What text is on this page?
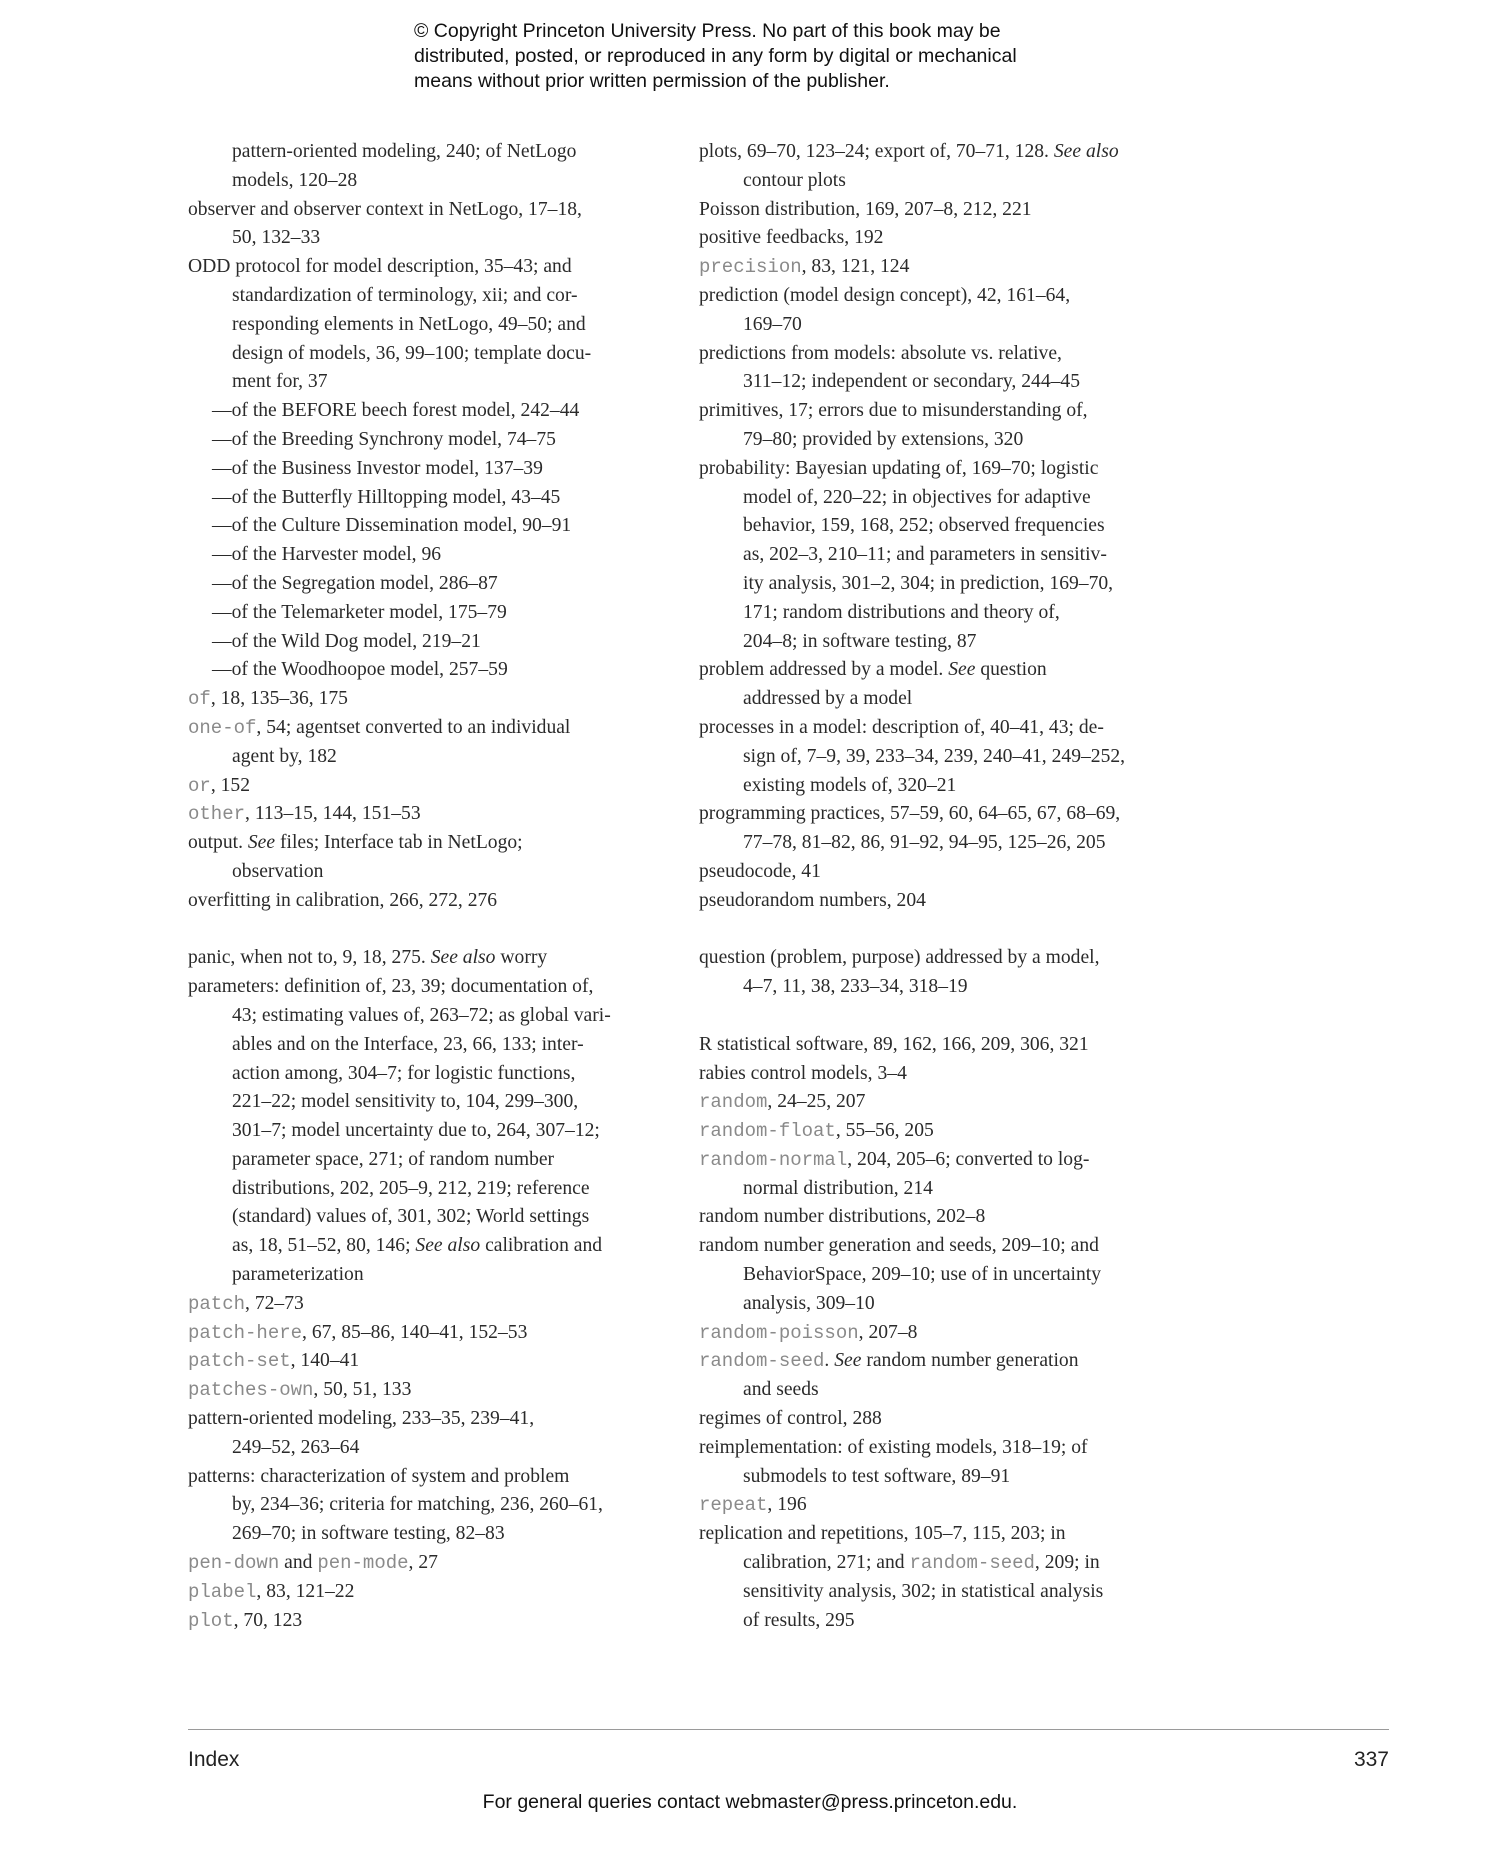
© Copyright Princeton University Press. No part of this book may be
distributed, posted, or reproduced in any form by digital or mechanical
means without prior written permission of the publisher.
pattern-oriented modeling, 240; of NetLogo
models, 120–28
observer and observer context in NetLogo, 17–18,
50, 132–33
ODD protocol for model description, 35–43; and
standardization of terminology, xii; and cor-
responding elements in NetLogo, 49–50; and
design of models, 36, 99–100; template docu-
ment for, 37
—of the BEFORE beech forest model, 242–44
—of the Breeding Synchrony model, 74–75
—of the Business Investor model, 137–39
—of the Butterfly Hilltopping model, 43–45
—of the Culture Dissemination model, 90–91
—of the Harvester model, 96
—of the Segregation model, 286–87
—of the Telemarketer model, 175–79
—of the Wild Dog model, 219–21
—of the Woodhoopoe model, 257–59
of, 18, 135–36, 175
one-of, 54; agentset converted to an individual
agent by, 182
or, 152
other, 113–15, 144, 151–53
output. See files; Interface tab in NetLogo;
observation
overfitting in calibration, 266, 272, 276
panic, when not to, 9, 18, 275. See also worry
parameters: definition of, 23, 39; documentation of,
43; estimating values of, 263–72; as global vari-
ables and on the Interface, 23, 66, 133; inter-
action among, 304–7; for logistic functions,
221–22; model sensitivity to, 104, 299–300,
301–7; model uncertainty due to, 264, 307–12;
parameter space, 271; of random number
distributions, 202, 205–9, 212, 219; reference
(standard) values of, 301, 302; World settings
as, 18, 51–52, 80, 146; See also calibration and
parameterization
patch, 72–73
patch-here, 67, 85–86, 140–41, 152–53
patch-set, 140–41
patches-own, 50, 51, 133
pattern-oriented modeling, 233–35, 239–41,
249–52, 263–64
patterns: characterization of system and problem
by, 234–36; criteria for matching, 236, 260–61,
269–70; in software testing, 82–83
pen-down and pen-mode, 27
plabel, 83, 121–22
plot, 70, 123
plots, 69–70, 123–24; export of, 70–71, 128. See also
contour plots
Poisson distribution, 169, 207–8, 212, 221
positive feedbacks, 192
precision, 83, 121, 124
prediction (model design concept), 42, 161–64,
169–70
predictions from models: absolute vs. relative,
311–12; independent or secondary, 244–45
primitives, 17; errors due to misunderstanding of,
79–80; provided by extensions, 320
probability: Bayesian updating of, 169–70; logistic
model of, 220–22; in objectives for adaptive
behavior, 159, 168, 252; observed frequencies
as, 202–3, 210–11; and parameters in sensitiv-
ity analysis, 301–2, 304; in prediction, 169–70,
171; random distributions and theory of,
204–8; in software testing, 87
problem addressed by a model. See question
addressed by a model
processes in a model: description of, 40–41, 43; de-
sign of, 7–9, 39, 233–34, 239, 240–41, 249–252,
existing models of, 320–21
programming practices, 57–59, 60, 64–65, 67, 68–69,
77–78, 81–82, 86, 91–92, 94–95, 125–26, 205
pseudocode, 41
pseudorandom numbers, 204
question (problem, purpose) addressed by a model,
4–7, 11, 38, 233–34, 318–19
R statistical software, 89, 162, 166, 209, 306, 321
rabies control models, 3–4
random, 24–25, 207
random-float, 55–56, 205
random-normal, 204, 205–6; converted to log-
normal distribution, 214
random number distributions, 202–8
random number generation and seeds, 209–10; and
BehaviorSpace, 209–10; use of in uncertainty
analysis, 309–10
random-poisson, 207–8
random-seed. See random number generation
and seeds
regimes of control, 288
reimplementation: of existing models, 318–19; of
submodels to test software, 89–91
repeat, 196
replication and repetitions, 105–7, 115, 203; in
calibration, 271; and random-seed, 209; in
sensitivity analysis, 302; in statistical analysis
of results, 295
Index	337
For general queries contact webmaster@press.princeton.edu.
